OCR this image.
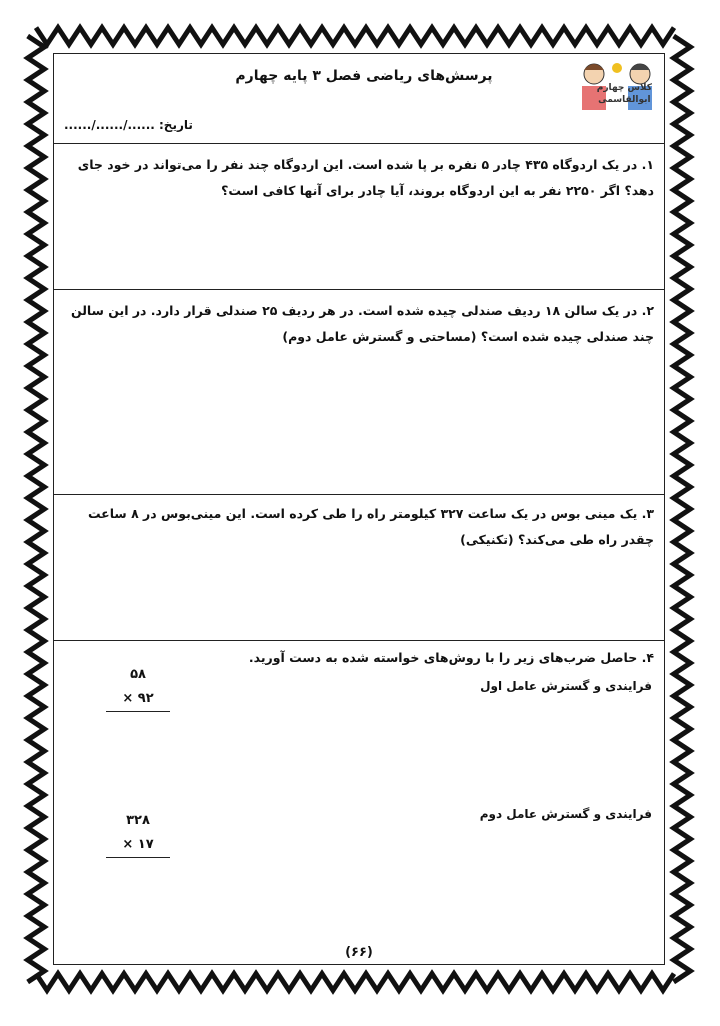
پرسش‌های ریاضی فصل ۳ پایه چهارم
تاریخ: ....../....../......
کلاس چهارم
ابوالقاسمی
۱. در یک اردوگاه ۴۳۵ چادر ۵ نفره بر پا شده است. این اردوگاه چند نفر را می‌تواند در خود جای دهد؟ اگر ۲۲۵۰ نفر به این اردوگاه بروند، آیا چادر برای آنها کافی است؟
۲. در یک سالن ۱۸ ردیف صندلی چیده شده است. در هر ردیف ۲۵ صندلی قرار دارد. در این سالن چند صندلی چیده شده است؟ (مساحتی و گسترش عامل دوم)
۳. یک مینی بوس در یک ساعت ۳۲۷ کیلومتر راه را طی کرده است. این مینی‌بوس در ۸ ساعت چقدر راه طی می‌کند؟ (تکنیکی)
۴. حاصل ضرب‌های زیر را با روش‌های خواسته شده به دست آورید.
فرایندی و گسترش عامل اول
۵۸
× ۹۲
فرایندی و گسترش عامل دوم
۳۲۸
× ۱۷
(۶۶)
